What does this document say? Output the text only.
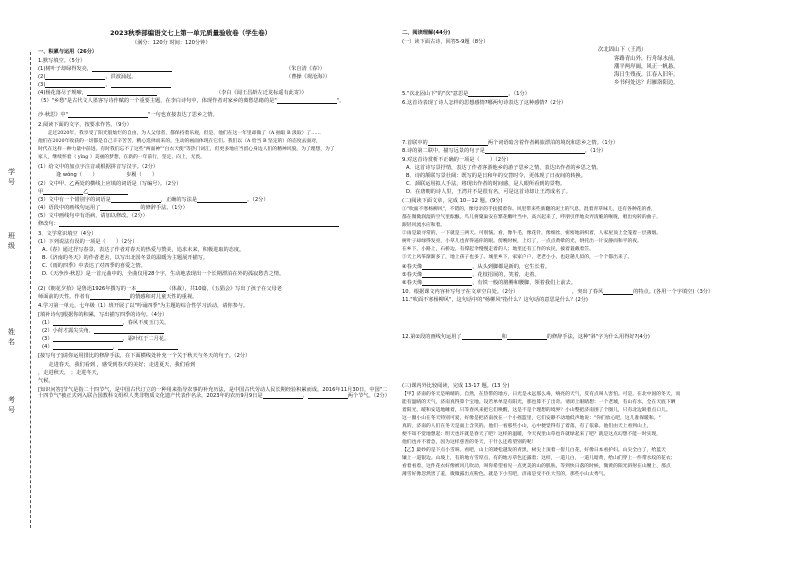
学
号
班
级
姓
名
考
号
2023秋季部编语文七上第一单元质量验收卷（学生卷）
（满分：120分 时间：120分钟）
一、积累与运用（26分）
1.默写填空。（5分）
(1)树叶子却绿得发亮，	（朱自清《春》）
(2)	，洪波涌起。	（曹操《观沧海》）
(3)	，
(4)杨花落尽子规啼，	（李白《闻王昌龄左迁龙标遥有此寄》）
（5）"乡愁"是古代文人墨客写诗作赋的一个重要主题，在李白诗句中，体现作者对家乡的离愁思绪的是"	"。
沙·秋思》中"	"一句也直接表达了思乡之情。
2.阅读下面的文字，按要求作答。（9分）
　　走过2020年，我享受了阳光般灿烂的自由，为人父母者，都保持着乐观，但是，他们在这一年里却做了（A 抽取 B 汲取）了……
他们在2020年收获的一切都是自己辛辛苦苦，精心选择而来的。生动的画面体现在它们。我们以（A 恰当 B 坚定的）的态度去面对，
时代在这样一种力量中前进。有时我们忘不了这些"两面神""白衣天使"等热门词汇，但更多地应当留心身边人们的精神风貌，为了理想，为了
家人，继续怀着（ yīng ）美丽的梦想，在新的一年前行，坚定、向上，无畏。
(1）给文中的加点字注音或根据拼音写汉字。（2分）
逢 wǒng（　　）　　　　　　步履（　　）
(2）文中甲、乙两处的横线上应填的词语是（写编号）。（2分）
甲	乙
(3）文中有一个错别字的词语是	，正确的写法是	。（2分）
(4）语段中的画线句运用了	的修辞手法。（1分）
(5）文中画线句中有语病，请加以修改。（2分）
修改句：
3．文学常识填空（4分）
(1）下列说法有误的一项是（　　）（2分）
A.《春》通过抒写春景，表达了作者对春天的热爱与赞美，追求未来，积极进取的态度。
B.《济南的冬天》的作者老舍，以写出北国冬景的温暖为主题展开描写。
C.《雨的四季》中表达了对四季的喜爱之情。
D.《天净沙·秋思》是一首元曲中的，全曲仅用28个字，生动地表现出一个长期漂泊在外的孤寂愁苦之情。
(2)《朝花夕拾》是鲁迅1926年撰写的一本	（体裁），共10篇，《五猖会》写出了孩子在父母老
师面前的天性。作者有	的情感和对儿童天性的重视。
4.学习第一单元，七年级（1）班开展了以"吟诵四季"为主题的综合性学习活动，请你参与。
[填补诗句]根据你的积累，写出描写四季的诗句。（4分）
(1）	，春风不度玉门关。
(2）小荷才露尖尖角，
(3）	，霜叶红于二月花。
(4）	，
[接写句子]请你运用排比的修辞手法，在下面横线处补充一个关于秋天与冬天的句子。（2分）
　　走进春天，我们看到 ，感受到春天的美好；走进夏天，我们看到
，走进秋天， ；走进冬天，
气候。
[知识问答]节气是指二十四节气，是中国古代订立的一种用来指导农事的补充历法，是中国古代劳动人民长期经验积累而成。2016年11月30日，中国"二十四节气"被正式列入联合国教科文组织人类非物质文化遗产代表作名录。2023年的农历9月9日是	、	两个节气。（2分）
二、阅读理解(44分)
(一）读下面古诗，回答5-9题（8分）
次北固山下（王湾）
客路青山外，行舟绿水前。
潮平两岸阔，风正一帆悬。
海日生残夜，江春入旧年。
乡书何处达？归雁洛阳边。
5."次北固山下"的"次"意思是	。（1分）
6.这首诗表现了诗人怎样的思想感情?哪两句诗表达了这种感情?（2分）
7.首联中的	两个词语暗含着作者羁旅漂泊的境况和思乡之情。（1分）
8.诗的第二联中，描写远景的句子是	。（1分）
9.对这首诗赏析不正确的一项是（　　）（2分）
A．这首诗写景抒情，表达了作者客游他乡的游子思乡之情，表达出作者的乡思之情。
B．诗的颔联写景壮阔：既写的是日和年的交替时令，更体现了日夜间的转换。
C．颈联运用拟人手法，将现出作者的时间感，是人眼所看到的景物。
D．在唐朝的诗人里，王湾并不是很有名，可是这首诗却让王湾成名了。
(二)阅读下面文章，完成 10－12 题。(9分)
①"吹面不寒杨柳风"，不错的，像母亲的手抚摸着你。风里带来些新翻的泥土的气息，混着青草味儿，还有各种花的香，
都在微微润湿的空气里酝酿。鸟儿将窠巢安在繁花嫩叶当中，高兴起来了，呼朋引伴地卖弄清脆的喉咙，唱出宛转的曲子，
跟轻风流水应和着。
②雨是最寻常的，一下就是三两天。可别恼。看，像牛毛，像花针，像细丝，密密地斜织着，人家屋顶上全笼着一层薄烟。
树叶子却绿得发亮，小草儿也青得逼你的眼。傍晚时候，上灯了，一点点黄晕的光，烘托出一片安静而和平的夜。
在乡下，小路上，石桥边，有撑起伞慢慢走着的人；地里还有工作的农民，披着蓑戴着笠。
③天上风筝渐渐多了，地上孩子也多了。城里乡下，家家户户，老老小小，也赶趟儿似的，一个个都出来了。
④春天像	，从头到脚都是新的，它生长着。
⑤春天像	，花枝招展的，笑着，走着。
⑥春天像	，有铁一般的胳膊和腰脚，领着我们上前去。
10．根据课文内容补写句子在文章空白处。（2分）
11."吹面不寒杨柳风"，这句话中的"杨柳风"指什么？这句话的意思是什么？(2分)
，突出了春风	的特点。(各用一个字填空)（3分）
12.第②段的画线句运用了	和	的修辞手法，这种"斜"字为什么用得好?(4分)
(三)课内外比较阅读，完成 13-17 题。(13 分)
【甲】济南的冬天是响晴的。自然，在热带的地方，日光是永远那么毒，响亮的天气，反有点叫人害怕。可是，在北中国的冬天，而
能有温晴的天气，济南真得算个宝地。设若单单是有阳光，那也算不了出奇。请闭上眼睛想：一个老城，有山有水，全在天底下晒
着阳光，暖和安适地睡着，只等春风来把它们唤醒，这是不是个理想的境界？小山整把济南围了个圈儿，只有北边缺着点口儿。
这一圈小山在冬天特别可爱，好像是把济南放在一个小摇篮里，它们安静不动地低声地说："你们放心吧，这儿准保暖和。"
真的，济南的人们在冬天是面上含笑的。他们一看那些小山，心中便觉得有了着落，有了依靠。他们由天上看到山上，
便不知不觉地想起：明天也许就是春天了吧？这样的温暖，今天夜里山草也许就绿起来了吧？就是这点幻想不能一时实现，
他们也并不着急，因为这样慈善的冬天，干什么还希望别的呢！
【乙】最妙的是下点小雪呀。看吧，山上的矮松越发的青黑，树尖上顶着一髻儿白花，好像日本看护妇。山尖全白了，给蓝天
镶上一道银边。山坡上，有的地方雪厚点，有的地方草色还露着；这样，一道儿白，一道儿暗黄，给山们穿上一件带水纹的花衣；
看着看着，这件花衣好像被风儿吹动，叫你希望看见一点更美的山的肌肤。等到快日落的时候，微黄的阳光斜射在山腰上，那点
薄雪好像忽然害了羞，微微露出点粉色。就是下小雪吧，济南是受不住大雪的，那些小山太秀气。
